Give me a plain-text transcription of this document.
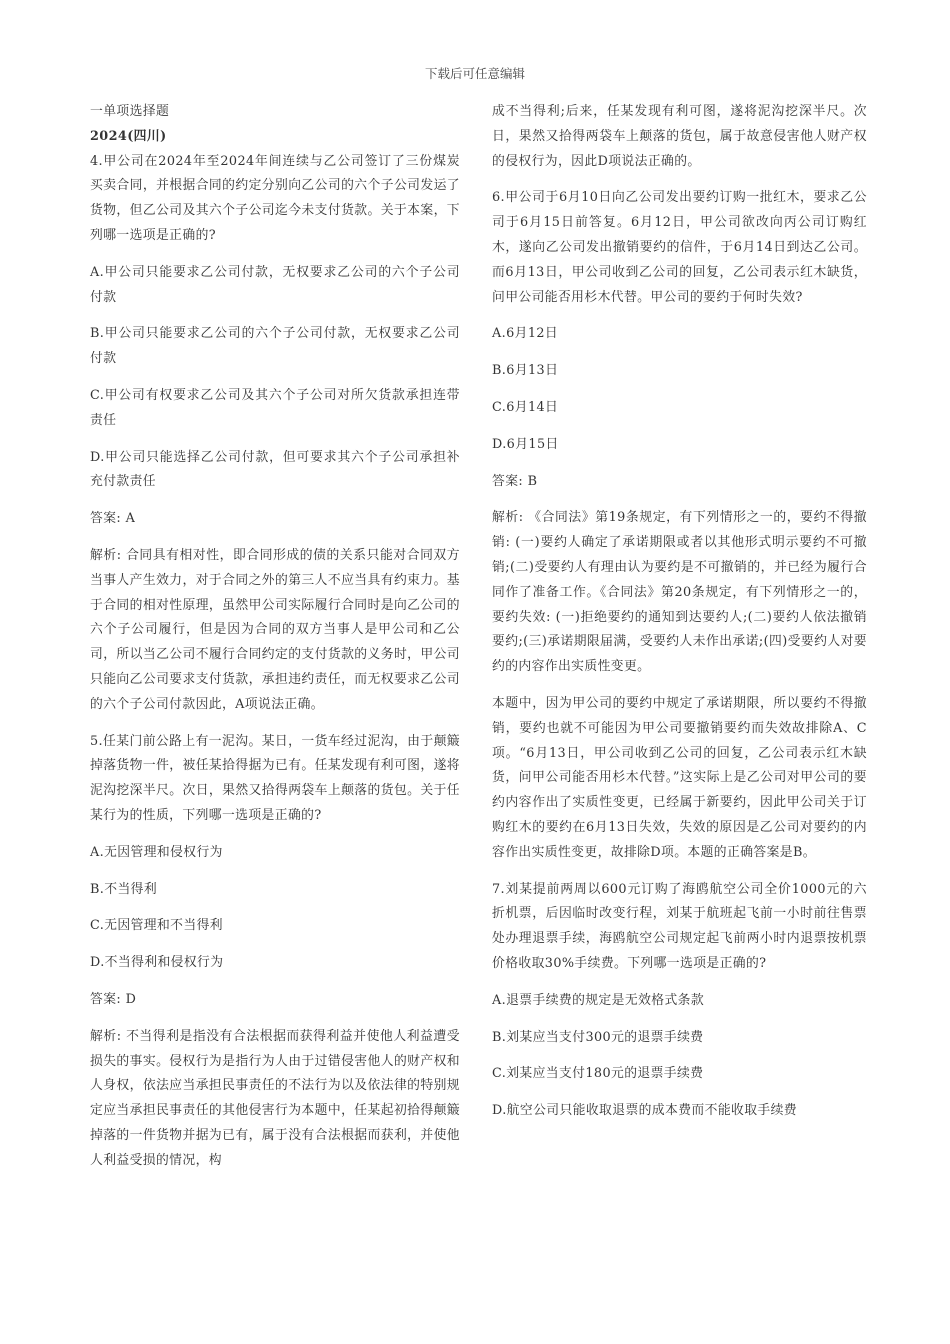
下载后可任意编辑

一单项选择题

2024(四川)

4.甲公司在2024年至2024年间连续与乙公司签订了三份煤炭买卖合同，并根据合同的约定分别向乙公司的六个子公司发运了货物，但乙公司及其六个子公司迄今未支付货款。关于本案，下列哪一选项是正确的?

A.甲公司只能要求乙公司付款，无权要求乙公司的六个子公司付款

B.甲公司只能要求乙公司的六个子公司付款，无权要求乙公司付款

C.甲公司有权要求乙公司及其六个子公司对所欠货款承担连带责任

D.甲公司只能选择乙公司付款，但可要求其六个子公司承担补充付款责任

答案: A

解析: 合同具有相对性，即合同形成的债的关系只能对合同双方当事人产生效力，对于合同之外的第三人不应当具有约束力。基于合同的相对性原理，虽然甲公司实际履行合同时是向乙公司的六个子公司履行，但是因为合同的双方当事人是甲公司和乙公司，所以当乙公司不履行合同约定的支付货款的义务时，甲公司只能向乙公司要求支付货款，承担违约责任，而无权要求乙公司的六个子公司付款因此，A项说法正确。

5.任某门前公路上有一泥沟。某日，一货车经过泥沟，由于颠簸掉落货物一件，被任某拾得据为已有。任某发现有利可图，遂将泥沟挖深半尺。次日，果然又拾得两袋车上颠落的货包。关于任某行为的性质，下列哪一选项是正确的?

A.无因管理和侵权行为

B.不当得利

C.无因管理和不当得利

D.不当得利和侵权行为

答案: D

解析: 不当得利是指没有合法根据而获得利益并使他人利益遭受损失的事实。侵权行为是指行为人由于过错侵害他人的财产权和人身权，依法应当承担民事责任的不法行为以及依法律的特别规定应当承担民事责任的其他侵害行为本题中，任某起初拾得颠簸掉落的一件货物并据为已有，属于没有合法根据而获利，并使他人利益受损的情况，构

成不当得利;后来，任某发现有利可图，遂将泥沟挖深半尺。次日，果然又拾得两袋车上颠落的货包，属于故意侵害他人财产权的侵权行为，因此D项说法正确的。

6.甲公司于6月10日向乙公司发出要约订购一批红木，要求乙公司于6月15日前答复。6月12日，甲公司欲改向丙公司订购红木，遂向乙公司发出撤销要约的信件，于6月14日到达乙公司。而6月13日，甲公司收到乙公司的回复，乙公司表示红木缺货，问甲公司能否用杉木代替。甲公司的要约于何时失效?

A.6月12日

B.6月13日

C.6月14日

D.6月15日

答案: B

解析: 《合同法》第19条规定，有下列情形之一的，要约不得撤销: (一)要约人确定了承诺期限或者以其他形式明示要约不可撤销;(二)受要约人有理由认为要约是不可撤销的，并已经为履行合同作了准备工作。《合同法》第20条规定，有下列情形之一的，要约失效: (一)拒绝要约的通知到达要约人;(二)要约人依法撤销要约;(三)承诺期限届满，受要约人未作出承诺;(四)受要约人对要约的内容作出实质性变更。

本题中，因为甲公司的要约中规定了承诺期限，所以要约不得撤销，要约也就不可能因为甲公司要撤销要约而失效故排除A、C项。“6月13日，甲公司收到乙公司的回复，乙公司表示红木缺货，问甲公司能否用杉木代替。”这实际上是乙公司对甲公司的要约内容作出了实质性变更，已经属于新要约，因此甲公司关于订购红木的要约在6月13日失效，失效的原因是乙公司对要约的内容作出实质性变更，故排除D项。本题的正确答案是B。

7.刘某提前两周以600元订购了海鸥航空公司全价1000元的六折机票，后因临时改变行程，刘某于航班起飞前一小时前往售票处办理退票手续，海鸥航空公司规定起飞前两小时内退票按机票价格收取30%手续费。下列哪一选项是正确的?

A.退票手续费的规定是无效格式条款

B.刘某应当支付300元的退票手续费

C.刘某应当支付180元的退票手续费

D.航空公司只能收取退票的成本费而不能收取手续费
